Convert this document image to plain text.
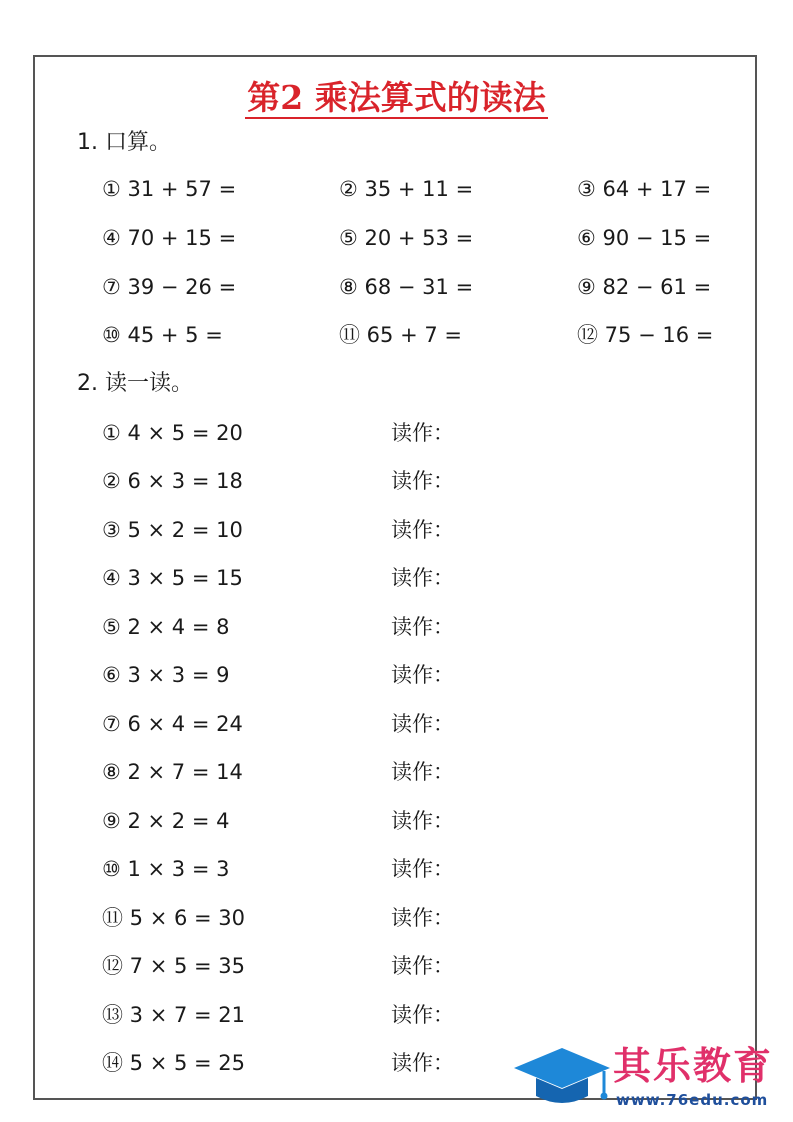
第2 乘法算式的读法
1. 口算。
① 31 + 57 =	② 35 + 11 =	③ 64 + 17 =
④ 70 + 15 =	⑤ 20 + 53 =	⑥ 90 − 15 =
⑦ 39 − 26 =	⑧ 68 − 31 =	⑨ 82 − 61 =
⑩ 45 + 5 =	⑪ 65 + 7 =	⑫ 75 − 16 =
2. 读一读。
① 4 × 5 = 20	读作：
② 6 × 3 = 18	读作：
③ 5 × 2 = 10	读作：
④ 3 × 5 = 15	读作：
⑤ 2 × 4 = 8	读作：
⑥ 3 × 3 = 9	读作：
⑦ 6 × 4 = 24	读作：
⑧ 2 × 7 = 14	读作：
⑨ 2 × 2 = 4	读作：
⑩ 1 × 3 = 3	读作：
⑪ 5 × 6 = 30	读作：
⑫ 7 × 5 = 35	读作：
⑬ 3 × 7 = 21	读作：
⑭ 5 × 5 = 25	读作：	其乐教育
www.76edu.com
